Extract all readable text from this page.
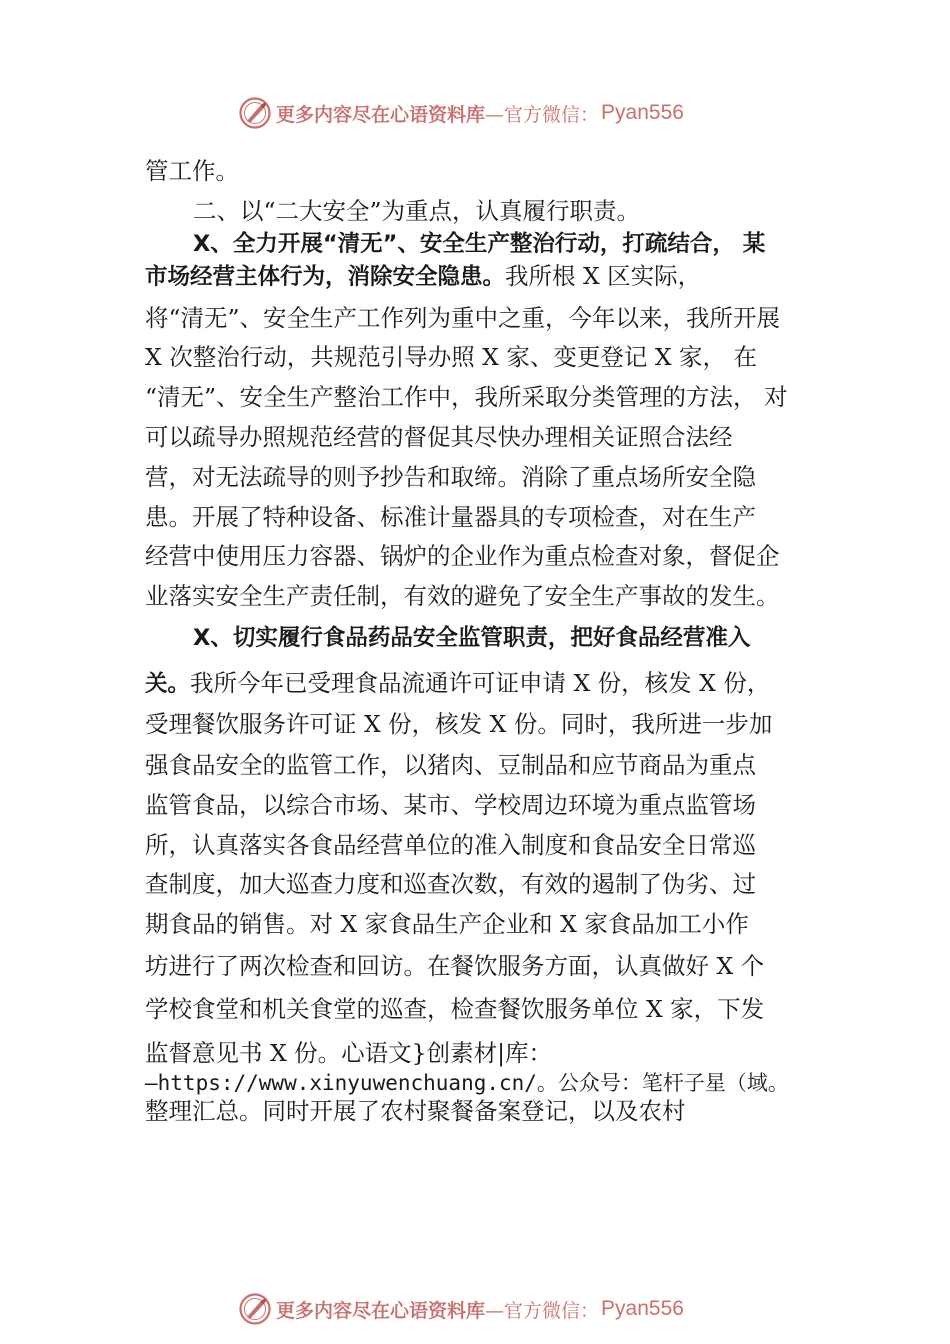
更多内容尽在心语资料库 —官方微信： Pyan556
管工作。
二、以“二大安全”为重点，认真履行职责。
X、全力开展“清无”、安全生产整治行动，打疏结合， 某
市场经营主体行为，消除安全隐患。我所根 X 区实际，
将“清无”、安全生产工作列为重中之重，今年以来，我所开展
X 次整治行动，共规范引导办照 X 家、变更登记 X 家， 在
“清无”、安全生产整治工作中，我所采取分类管理的方法， 对
可以疏导办照规范经营的督促其尽快办理相关证照合法经
营，对无法疏导的则予抄告和取缔。消除了重点场所安全隐
患。开展了特种设备、标准计量器具的专项检查，对在生产
经营中使用压力容器、锅炉的企业作为重点检查对象，督促企
业落实安全生产责任制，有效的避免了安全生产事故的发生。
X、切实履行食品药品安全监管职责，把好食品经营准入
关。我所今年已受理食品流通许可证申请 X 份，核发 X 份，
受理餐饮服务许可证 X 份，核发 X 份。同时，我所进一步加
强食品安全的监管工作，以猪肉、豆制品和应节商品为重点
监管食品，以综合市场、某市、学校周边环境为重点监管场
所，认真落实各食品经营单位的准入制度和食品安全日常巡
查制度，加大巡查力度和巡查次数，有效的遏制了伪劣、过
期食品的销售。对 X 家食品生产企业和 X 家食品加工小作
坊进行了两次检查和回访。在餐饮服务方面，认真做好 X 个
学校食堂和机关食堂的巡查，检查餐饮服务单位 X 家，下发
监督意见书 X 份。心语文}创素材|库：
—https://www.xinyuwenchuang.cn/。公众号：笔杆子星（域。
整理汇总。同时开展了农村聚餐备案登记，以及农村
更多内容尽在心语资料库 —官方微信： Pyan556
